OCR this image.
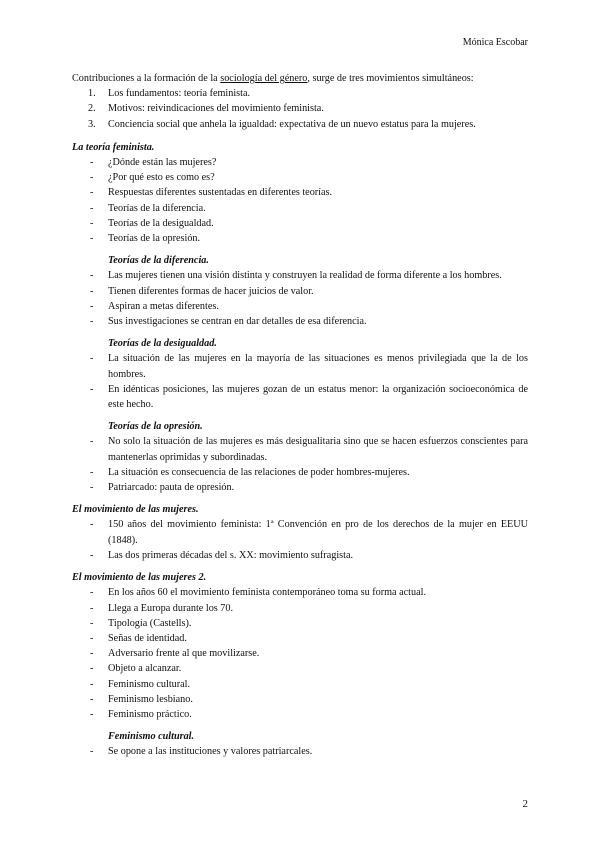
Mónica Escobar

Contribuciones a la formación de la sociología del género, surge de tres movimientos simultáneos:

1. Los fundamentos: teoría feminista.
2. Motivos: reivindicaciones del movimiento feminista.
3. Conciencia social que anhela la igualdad: expectativa de un nuevo estatus para la mujeres.
La teoría feminista.
- ¿Dónde están las mujeres?
- ¿Por qué esto es como es?
- Respuestas diferentes sustentadas en diferentes teorías.
- Teorías de la diferencia.
- Teorías de la desigualdad.
- Teorías de la opresión.
Teorías de la diferencia.
- Las mujeres tienen una visión distinta y construyen la realidad de forma diferente a los hombres.
- Tienen diferentes formas de hacer juicios de valor.
- Aspiran a metas diferentes.
- Sus investigaciones se centran en dar detalles de esa diferencia.
Teorías de la desigualdad.
- La situación de las mujeres en la mayoría de las situaciones es menos privilegiada que la de los hombres.
- En idénticas posiciones, las mujeres gozan de un estatus menor: la organización socioeconómica de este hecho.
Teorías de la opresión.
- No solo la situación de las mujeres es más desigualitaria sino que se hacen esfuerzos conscientes para mantenerlas oprimidas y subordinadas.
- La situación es consecuencia de las relaciones de poder hombres-mujeres.
- Patriarcado: pauta de opresión.
El movimiento de las mujeres.
- 150 años del movimiento feminista: 1ª Convención en pro de los derechos de la mujer en EEUU (1848).
- Las dos primeras décadas del s. XX: movimiento sufragista.
El movimiento de las mujeres 2.
- En los años 60 el movimiento feminista contemporáneo toma su forma actual.
- Llega a Europa durante los 70.
- Tipología (Castells).
- Señas de identidad.
- Adversario frente al que movilizarse.
- Objeto a alcanzar.
- Feminismo cultural.
- Feminismo lesbiano.
- Feminismo práctico.
Feminismo cultural.
- Se opone a las instituciones y valores patriarcales.
2
